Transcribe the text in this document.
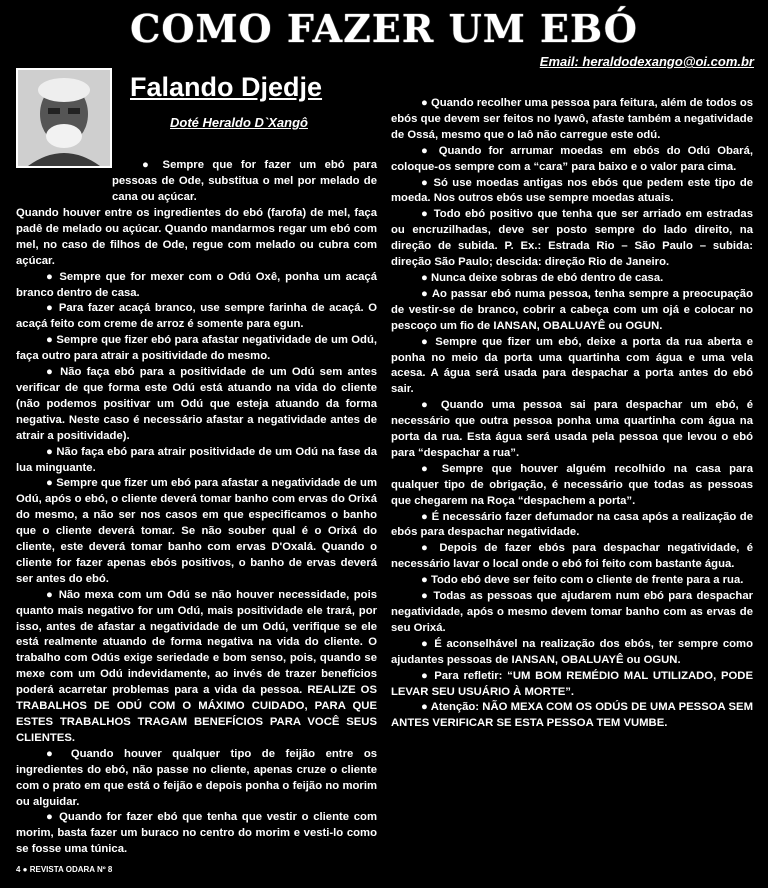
COMO FAZER UM EBÓ
Email: heraldodexango@oi.com.br
Falando Djedje
Doté Heraldo D`Xangô

● Sempre que for fazer um ebó para pessoas de Ode, substitua o mel por melado de cana ou açúcar.

Quando houver entre os ingredientes do ebó (farofa) de mel, faça padê de melado ou açúcar. Quando mandarmos regar um ebó com mel, no caso de filhos de Ode, regue com melado ou cubra com açúcar.

● Sempre que for mexer com o Odú Oxê, ponha um acaçá branco dentro de casa.

● Para fazer acaçá branco, use sempre farinha de acaçá. O acaçá feito com creme de arroz é somente para egun.

● Sempre que fizer ebó para afastar negatividade de um Odú, faça outro para atrair a positividade do mesmo.

● Não faça ebó para a positividade de um Odú sem antes verificar de que forma este Odú está atuando na vida do cliente (não podemos positivar um Odú que esteja atuando da forma negativa. Neste caso é necessário afastar a negatividade antes de atrair a positividade).

● Não faça ebó para atrair positividade de um Odú na fase da lua minguante.

● Sempre que fizer um ebó para afastar a negatividade de um Odú, após o ebó, o cliente deverá tomar banho com ervas do Orixá do mesmo, a não ser nos casos em que especificamos o banho que o cliente deverá tomar. Se não souber qual é o Orixá do cliente, este deverá tomar banho com ervas D'Oxalá. Quando o cliente for fazer apenas ebós positivos, o banho de ervas deverá ser antes do ebó.

● Não mexa com um Odú se não houver necessidade, pois quanto mais negativo for um Odú, mais positividade ele trará, por isso, antes de afastar a negatividade de um Odú, verifique se ele está realmente atuando de forma negativa na vida do cliente. O trabalho com Odús exige seriedade e bom senso, pois, quando se mexe com um Odú indevidamente, ao invés de trazer benefícios poderá acarretar problemas para a vida da pessoa. REALIZE OS TRABALHOS DE ODÚ COM O MÁXIMO CUIDADO, PARA QUE ESTES TRABALHOS TRAGAM BENEFÍCIOS PARA VOCÊ SEUS CLIENTES.

● Quando houver qualquer tipo de feijão entre os ingredientes do ebó, não passe no cliente, apenas cruze o cliente com o prato em que está o feijão e depois ponha o feijão no morim ou alguidar.

● Quando for fazer ebó que tenha que vestir o cliente com morim, basta fazer um buraco no centro do morim e vesti-lo como se fosse uma túnica.

● Quando recolher uma pessoa para feitura, além de todos os ebós que devem ser feitos no Iyawô, afaste também a negatividade de Ossá, mesmo que o Iaô não carregue este odú.

● Quando for arrumar moedas em ebós do Odú Obará, coloque-os sempre com a “cara” para baixo e o valor para cima.

● Só use moedas antigas nos ebós que pedem este tipo de moeda. Nos outros ebós use sempre moedas atuais.

● Todo ebó positivo que tenha que ser arriado em estradas ou encruzilhadas, deve ser posto sempre do lado direito, na direção de subida. P. Ex.: Estrada Rio – São Paulo – subida: direção São Paulo; descida: direção Rio de Janeiro.

● Nunca deixe sobras de ebó dentro de casa.

● Ao passar ebó numa pessoa, tenha sempre a preocupação de vestir-se de branco, cobrir a cabeça com um ojá e colocar no pescoço um fio de IANSAN, OBALUAYÊ ou OGUN.

● Sempre que fizer um ebó, deixe a porta da rua aberta e ponha no meio da porta uma quartinha com água e uma vela acesa. A água será usada para despachar a porta antes do ebó sair.

● Quando uma pessoa sai para despachar um ebó, é necessário que outra pessoa ponha uma quartinha com água na porta da rua. Esta água será usada pela pessoa que levou o ebó para “despachar a rua”.

● Sempre que houver alguém recolhido na casa para qualquer tipo de obrigação, é necessário que todas as pessoas que chegarem na Roça “despachem a porta”.

● É necessário fazer defumador na casa após a realização de ebós para despachar negatividade.

● Depois de fazer ebós para despachar negatividade, é necessário lavar o local onde o ebó foi feito com bastante água.

● Todo ebó deve ser feito com o cliente de frente para a rua.

● Todas as pessoas que ajudarem num ebó para despachar negatividade, após o mesmo devem tomar banho com as ervas de seu Orixá.

● É aconselhável na realização dos ebós, ter sempre como ajudantes pessoas de IANSAN, OBALUAYÊ ou OGUN.

● Para refletir: “UM BOM REMÉDIO MAL UTILIZADO, PODE LEVAR SEU USUÁRIO À MORTE”.

● Atenção: NÃO MEXA COM OS ODÚS DE UMA PESSOA SEM ANTES VERIFICAR SE ESTA PESSOA TEM VUMBE.

4 ● REVISTA ODARA Nº 8
